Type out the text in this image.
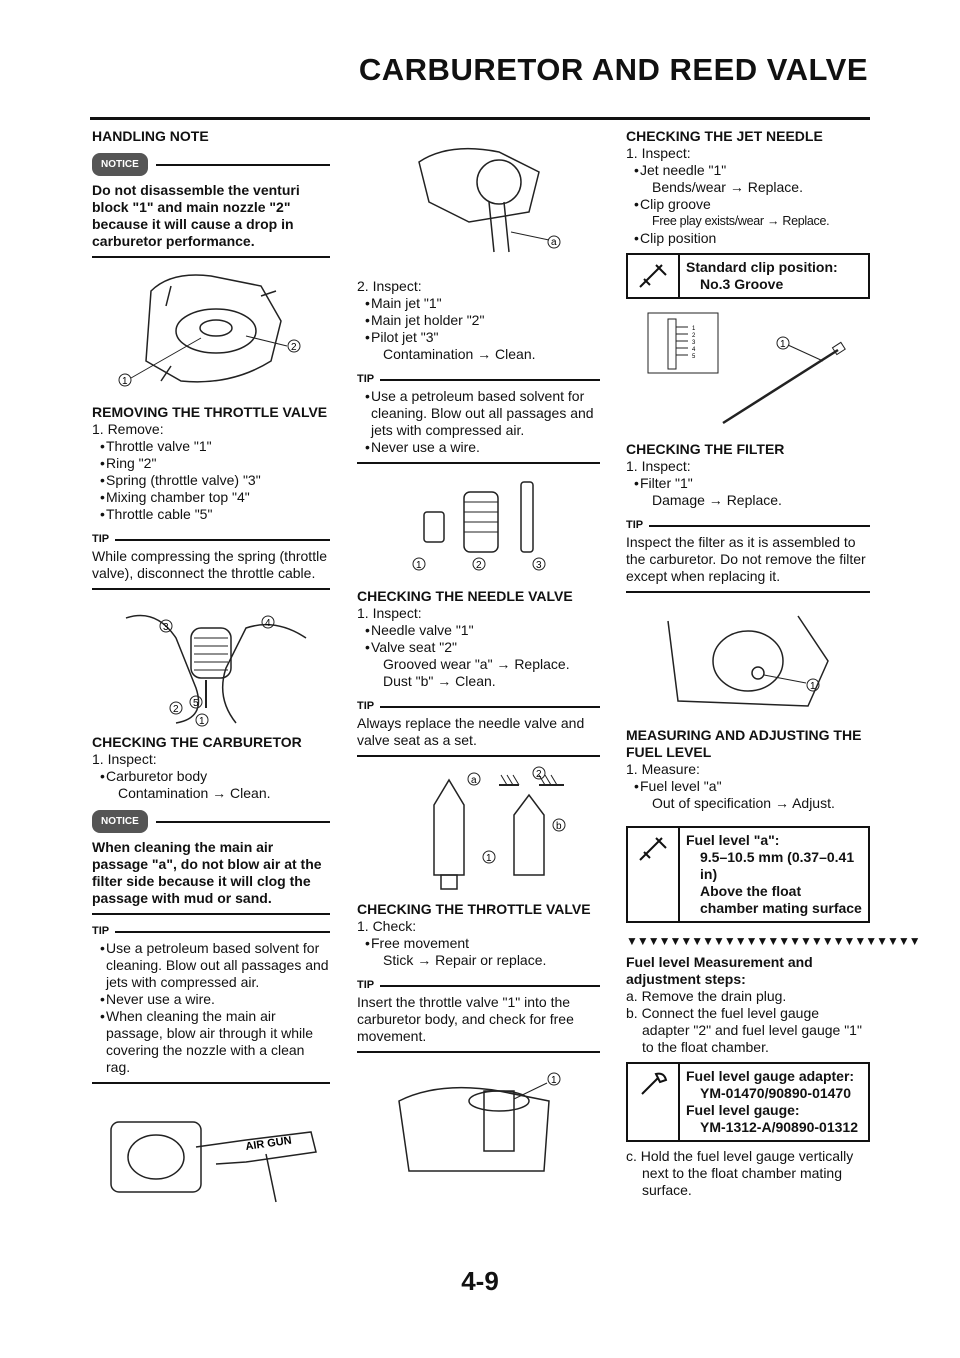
CARBURETOR AND REED VALVE

HANDLING NOTE

NOTICE

Do not disassemble the venturi block "1" and main nozzle "2" because it will cause a drop in carburetor performance.

1
2

REMOVING THE THROTTLE VALVE

1. Remove:

• Throttle valve "1"

• Ring "2"

• Spring (throttle valve) "3"

• Mixing chamber top "4"

• Throttle cable "5"

TIP

While compressing the spring (throttle valve), disconnect the throttle cable.

3	4
2
5
1

CHECKING THE CARBURETOR

1. Inspect:

• Carburetor body

Contamination → Clean.

NOTICE

When cleaning the main air passage "a", do not blow air at the filter side because it will clog the passage with mud or sand.

TIP

• Use a petroleum based solvent for cleaning. Blow out all passages and jets with compressed air.

• Never use a wire.

• When cleaning the main air passage, blow air through it while covering the nozzle with a clean rag.

AIR GUN
a

2. Inspect:

• Main jet "1"

• Main jet holder "2"

• Pilot jet "3"

Contamination → Clean.

TIP

• Use a petroleum based solvent for cleaning. Blow out all passages and jets with compressed air.

• Never use a wire.

1	2	3

CHECKING THE NEEDLE VALVE

1. Inspect:

• Needle valve "1"

• Valve seat "2"

Grooved wear "a" → Replace.

Dust "b" → Clean.

TIP

Always replace the needle valve and valve seat as a set.

a
2
b
1

CHECKING THE THROTTLE VALVE

1. Check:

• Free movement

Stick → Repair or replace.

TIP

Insert the throttle valve "1" into the carburetor body, and check for free movement.

1

CHECKING THE JET NEEDLE

1. Inspect:

• Jet needle "1"

Bends/wear → Replace.

• Clip groove

Free play exists/wear → Replace.

• Clip position

Standard clip position:
No.3 Groove
1
2
3
4
5
1

CHECKING THE FILTER

1. Inspect:

• Filter "1"

Damage → Replace.

TIP

Inspect the filter as it is assembled to the carburetor. Do not remove the filter except when replacing it.

1

MEASURING AND ADJUSTING THE FUEL LEVEL

1. Measure:

• Fuel level "a"

Out of specification → Adjust.

Fuel level "a":
9.5–10.5 mm (0.37–0.41 in)
Above the float chamber mating surface
▼▼▼▼▼▼▼▼▼▼▼▼▼▼▼▼▼▼▼▼▼▼▼▼▼▼▼

Fuel level Measurement and adjustment steps:

a. Remove the drain plug.

b. Connect the fuel level gauge adapter "2" and fuel level gauge "1" to the float chamber.

Fuel level gauge adapter:
YM-01470/90890-01470
Fuel level gauge:
YM-1312-A/90890-01312

c. Hold the fuel level gauge vertically next to the float chamber mating surface.

4-9
